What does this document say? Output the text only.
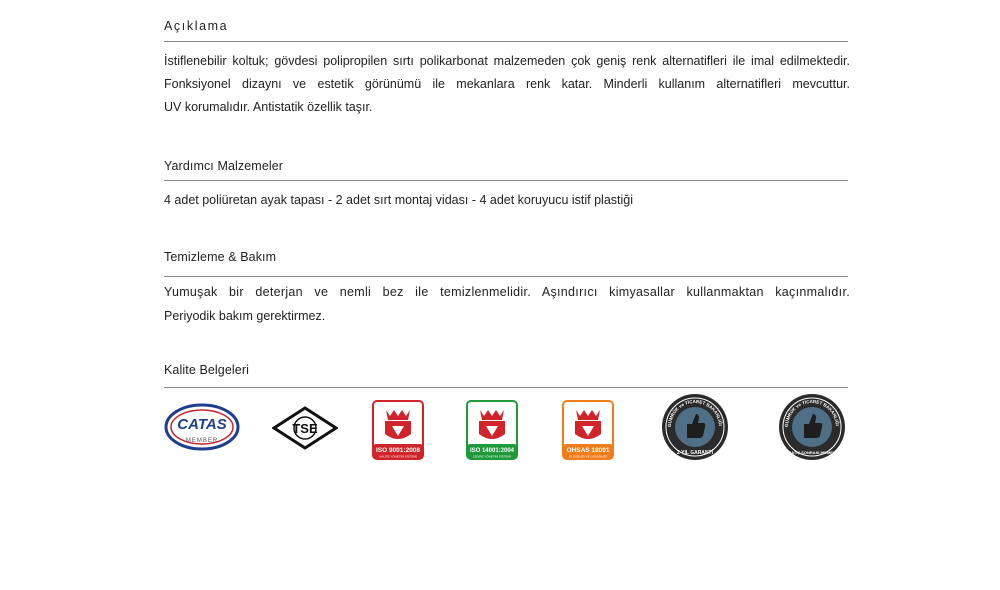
Açıklama
İstiflenebilir koltuk; gövdesi polipropilen sırtı polikarbonat malzemeden çok geniş renk alternatifleri ile imal edilmektedir. Fonksiyonel dizaynı ve estetik görünümü ile mekanlara renk katar. Minderli kullanım alternatifleri mevcuttur.
UV korumalıdır. Antistatik özellik taşır.
Yardımcı Malzemeler
4 adet poliüretan ayak tapası - 2 adet sırt montaj vidası - 4 adet koruyucu istif plastiği
Temizleme & Bakım
Yumuşak bir deterjan ve nemli bez ile temizlenmelidir. Aşındırıcı kimyasallar kullanmaktan kaçınmalıdır.
Periyodik bakım gerektirmez.
Kalite Belgeleri
CATAS
MEMBER
TSE
ISO 9001:2008
KALİTE YÖNETİM SİSTEMİ
ISO 14001:2004
ÇEVRE YÖNETİM SİSTEMİ
OHSAS 18001
İŞ SAĞLIĞI VE GÜVENLİĞİ
GÜMRÜK ve TİCARET BAKANLIĞI
2 YIL GARANTİ
GÜMRÜK ve TİCARET BAKANLIĞI
SATIŞ SONRASI HİZMET
